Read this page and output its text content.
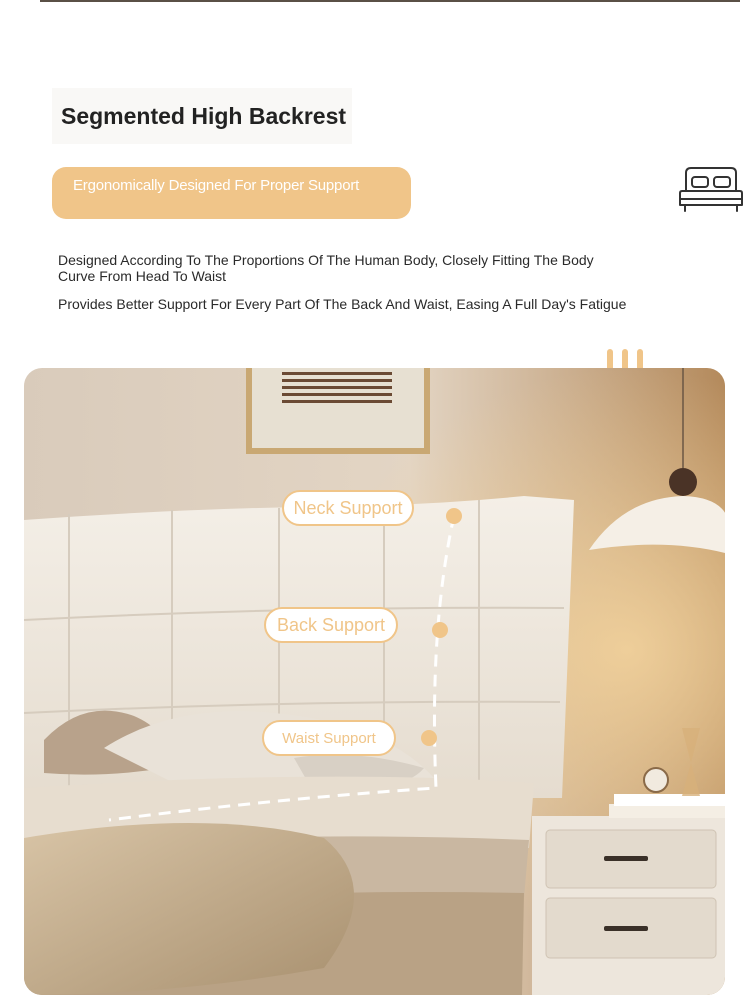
Segmented High Backrest
Ergonomically Designed For Proper Support
Designed According To The Proportions Of The Human Body, Closely Fitting The Body Curve From Head To Waist
Provides Better Support For Every Part Of The Back And Waist, Easing A Full Day's Fatigue
Neck Support
Back Support
Waist Support
